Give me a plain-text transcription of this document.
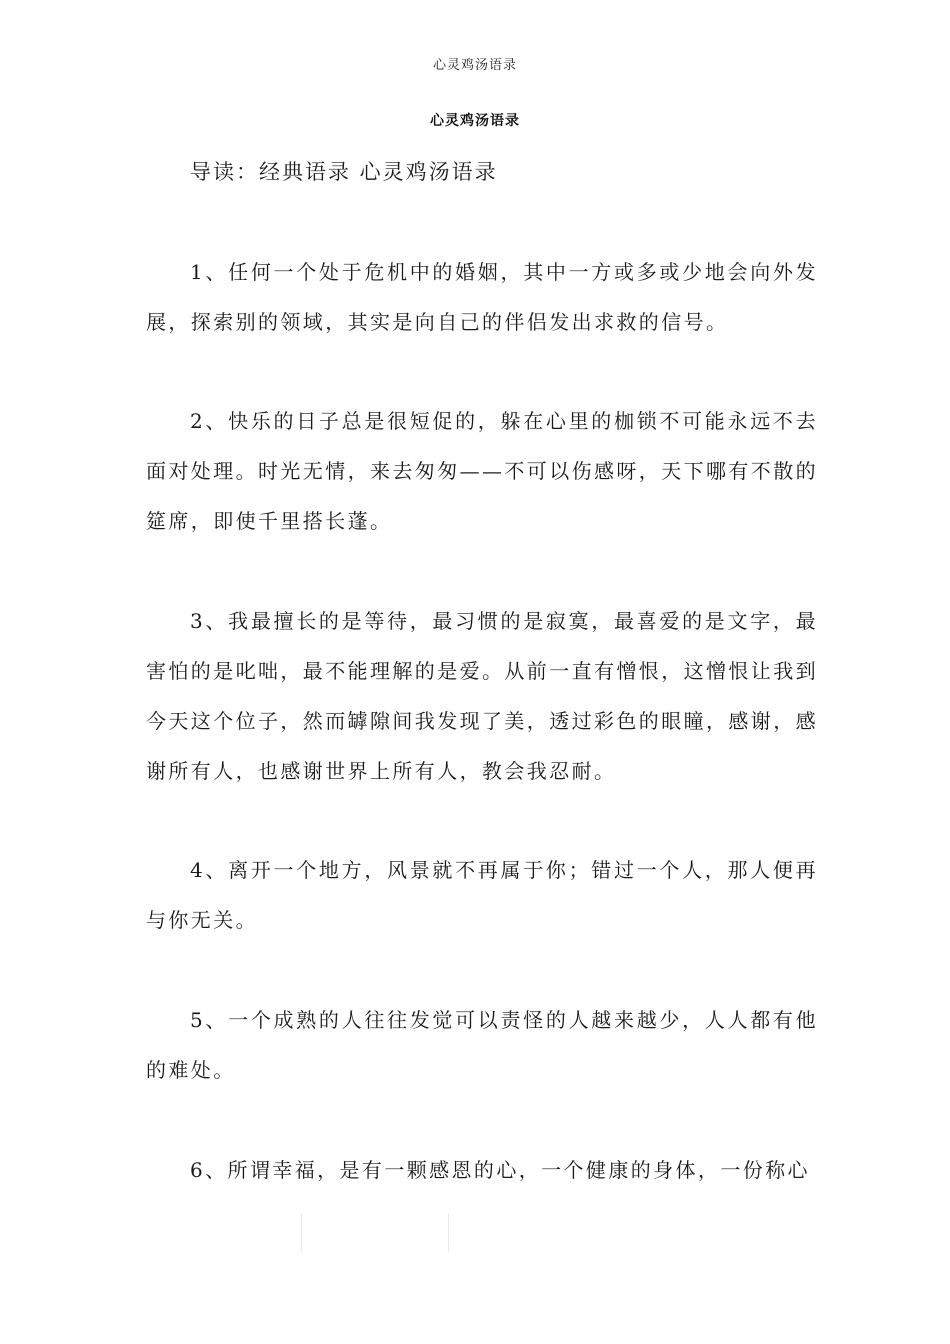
心灵鸡汤语录
心灵鸡汤语录
导读：经典语录 心灵鸡汤语录

1、任何一个处于危机中的婚姻，其中一方或多或少地会向外发展，探索别的领域，其实是向自己的伴侣发出求救的信号。

2、快乐的日子总是很短促的，躲在心里的枷锁不可能永远不去面对处理。时光无情，来去匆匆——不可以伤感呀，天下哪有不散的筵席，即使千里搭长蓬。

3、我最擅长的是等待，最习惯的是寂寞，最喜爱的是文字，最害怕的是叱咄，最不能理解的是爱。从前一直有憎恨，这憎恨让我到今天这个位子，然而罅隙间我发现了美，透过彩色的眼瞳，感谢，感谢所有人，也感谢世界上所有人，教会我忍耐。

4、离开一个地方，风景就不再属于你；错过一个人，那人便再与你无关。

5、一个成熟的人往往发觉可以责怪的人越来越少，人人都有他的难处。

6、所谓幸福，是有一颗感恩的心，一个健康的身体，一份称心
